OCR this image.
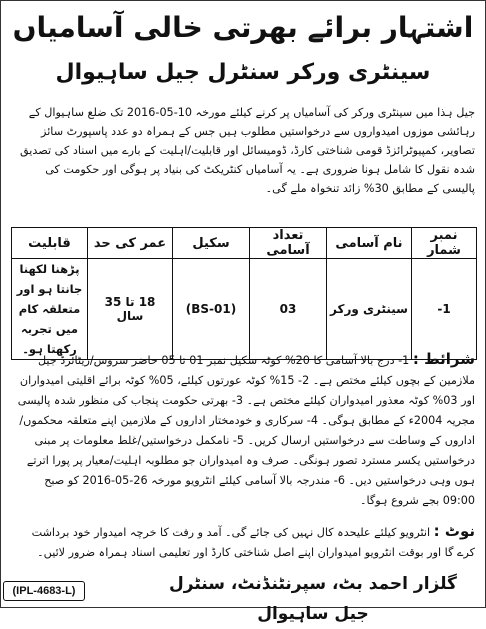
اشتہار برائے بھرتی خالی آسامیاں
سینٹری ورکر سنٹرل جیل ساہیوال

جیل ہذا میں سینٹری ورکر کی آسامیاں پر کرنے کیلئے مورخہ 10-05-2016 تک ضلع ساہیوال کے رہائشی موزوں امیدواروں سے درخواستیں مطلوب ہیں جس کے ہمراہ دو عدد پاسپورٹ سائز تصاویر، کمپیوٹرائزڈ قومی شناختی کارڈ، ڈومیسائل اور قابلیت/اہلیت کے بارے میں اسناد کی تصدیق شدہ نقول کا شامل ہونا ضروری ہے۔ یہ آسامیاں کنٹریکٹ کی بنیاد پر ہوگی اور حکومت کی پالیسی کے مطابق 30% زائد تنخواہ ملے گی۔

نمبر شمار	نام آسامی	تعداد آسامی	سکیل	عمر کی حد	قابلیت
1-	سینٹری ورکر	03	(BS-01)	18 تا 35 سال	پڑھنا لکھنا جانتا ہو اور متعلقہ کام میں تجربہ رکھتا ہو۔

شرائط : 1- درج بالا آسامی کا 20% کوٹہ سکیل نمبر 01 تا 05 حاضر سروس/ریٹائرڈ جیل ملازمین کے بچوں کیلئے مختص ہے۔ 2- 15% کوٹہ عورتوں کیلئے، 05% کوٹہ برائے اقلیتی امیدواران اور 03% کوٹہ معذور امیدواران کیلئے مختص ہے۔ 3- بھرتی حکومت پنجاب کی منظور شدہ پالیسی مجریہ 2004ء کے مطابق ہوگی۔ 4- سرکاری و خودمختار اداروں کے ملازمین اپنے متعلقہ محکموں/اداروں کے وساطت سے درخواستیں ارسال کریں۔ 5- نامکمل درخواستیں/غلط معلومات پر مبنی درخواستیں یکسر مسترد تصور ہونگی۔ صرف وہ امیدواران جو مطلوبہ اہلیت/معیار پر پورا اترتے ہوں وہی درخواستیں دیں۔ 6- مندرجہ بالا آسامی کیلئے انٹرویو مورخہ 26-05-2016 کو صبح 09:00 بجے شروع ہوگا۔

نوٹ : انٹرویو کیلئے علیحدہ کال نہیں کی جائے گی۔ آمد و رفت کا خرچہ امیدوار خود برداشت کرے گا اور بوقت انٹرویو امیدواران اپنے اصل شناختی کارڈ اور تعلیمی اسناد ہمراہ ضرور لائیں۔

گلزار احمد بٹ، سپرنٹنڈنٹ، سنٹرل جیل ساہیوال
(IPL-4683-L)
